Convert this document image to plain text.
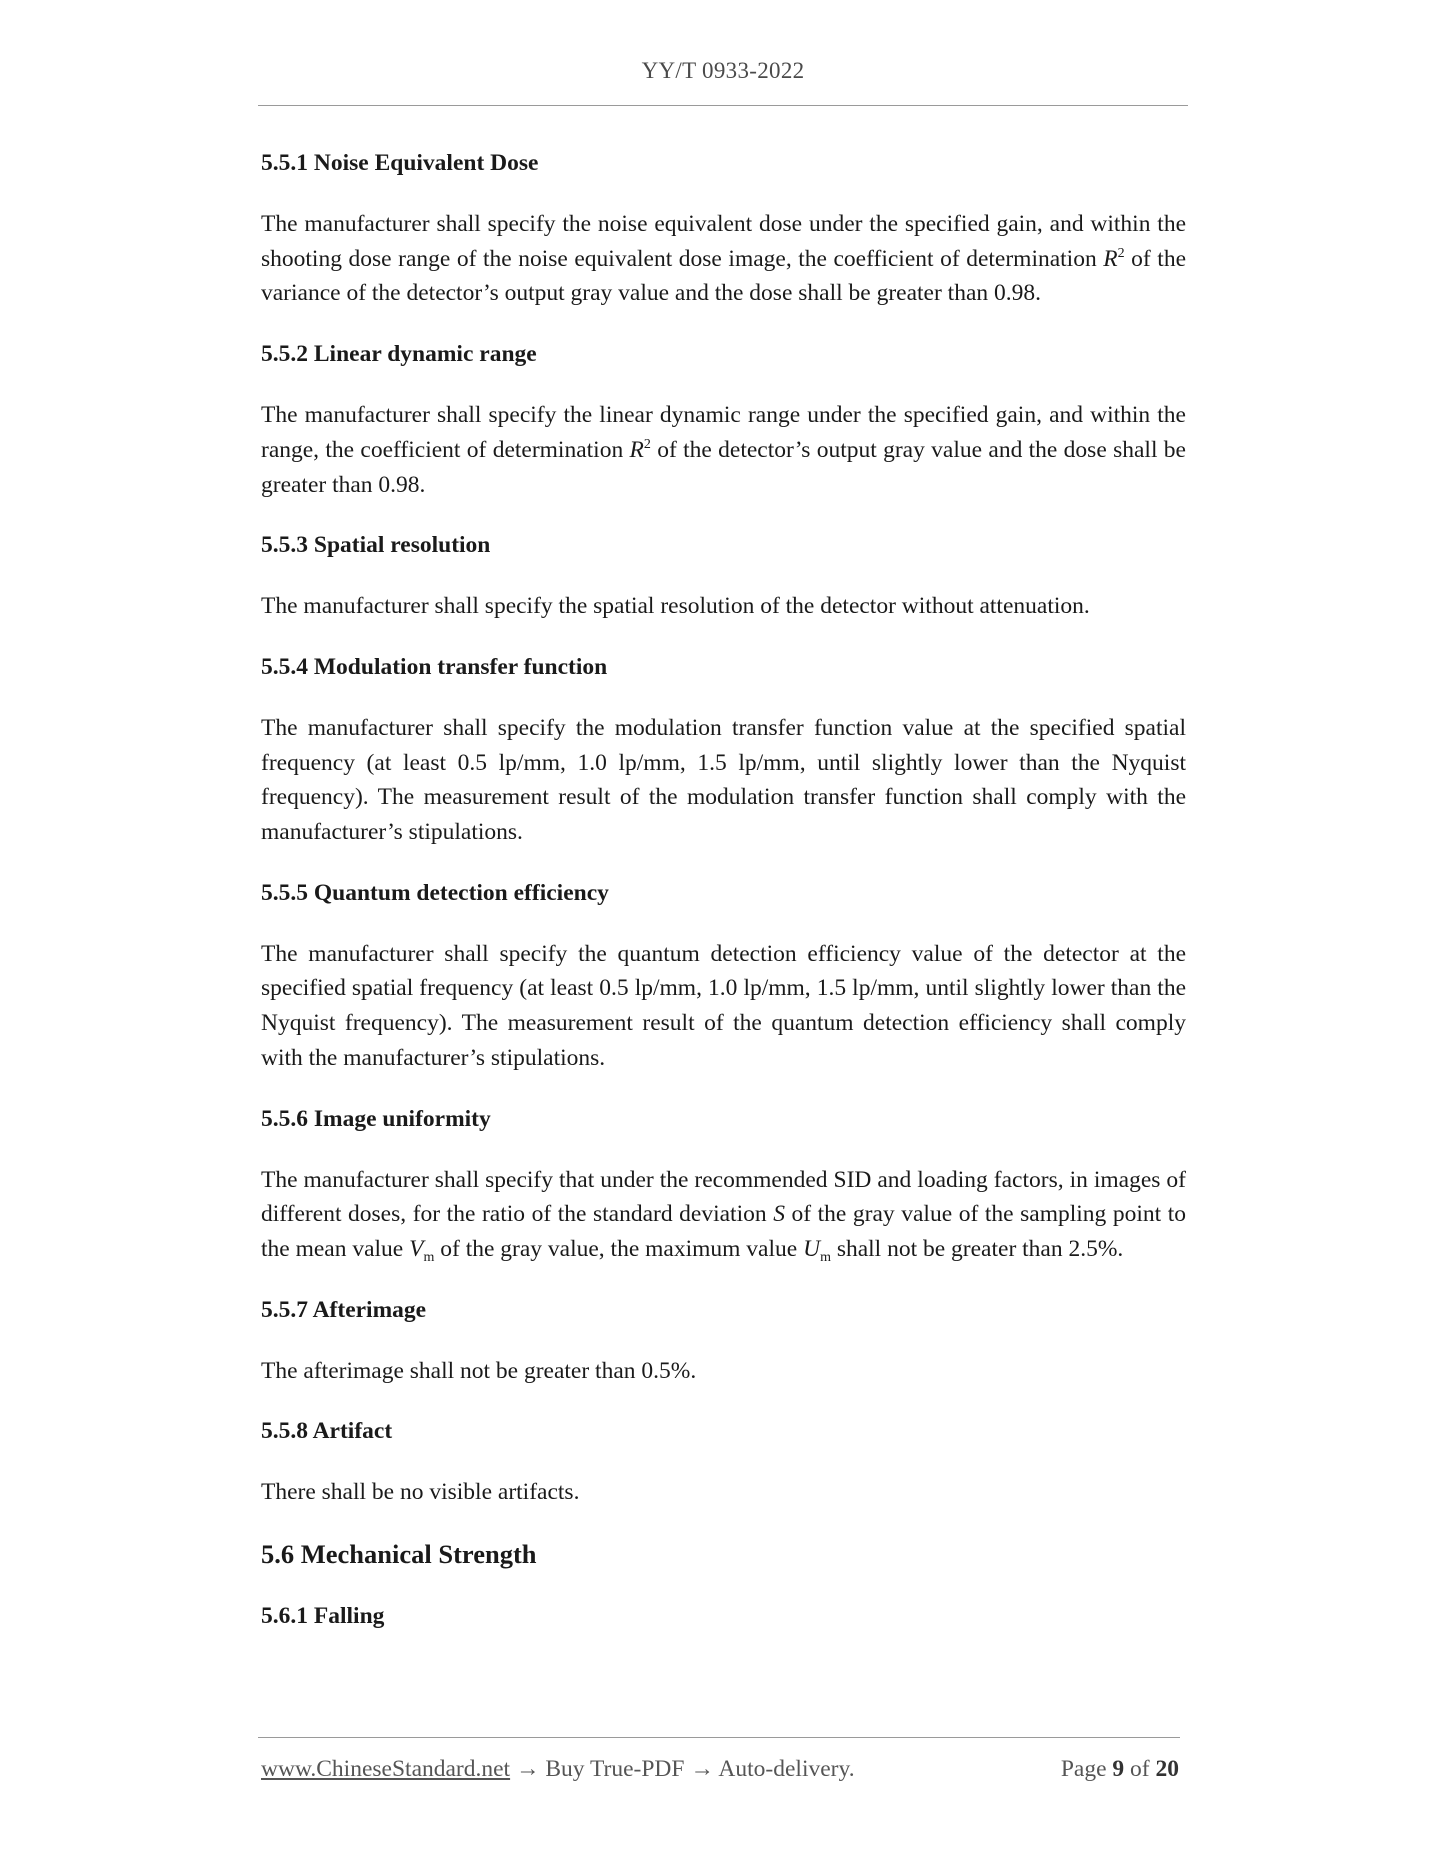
YY/T 0933-2022
5.5.1 Noise Equivalent Dose

The manufacturer shall specify the noise equivalent dose under the specified gain, and within the shooting dose range of the noise equivalent dose image, the coefficient of determination $R^2$ of the variance of the detector’s output gray value and the dose shall be greater than 0.98.

5.5.2 Linear dynamic range

The manufacturer shall specify the linear dynamic range under the specified gain, and within the range, the coefficient of determination $R^2$ of the detector’s output gray value and the dose shall be greater than 0.98.

5.5.3 Spatial resolution

The manufacturer shall specify the spatial resolution of the detector without attenuation.

5.5.4 Modulation transfer function

The manufacturer shall specify the modulation transfer function value at the specified spatial frequency (at least 0.5 lp/mm, 1.0 lp/mm, 1.5 lp/mm, until slightly lower than the Nyquist frequency). The measurement result of the modulation transfer function shall comply with the manufacturer’s stipulations.

5.5.5 Quantum detection efficiency

The manufacturer shall specify the quantum detection efficiency value of the detector at the specified spatial frequency (at least 0.5 lp/mm, 1.0 lp/mm, 1.5 lp/mm, until slightly lower than the Nyquist frequency). The measurement result of the quantum detection efficiency shall comply with the manufacturer’s stipulations.

5.5.6 Image uniformity

The manufacturer shall specify that under the recommended SID and loading factors, in images of different doses, for the ratio of the standard deviation S of the gray value of the sampling point to the mean value $V_m$ of the gray value, the maximum value $U_m$ shall not be greater than 2.5%.

5.5.7 Afterimage

The afterimage shall not be greater than 0.5%.

5.5.8 Artifact

There shall be no visible artifacts.

5.6 Mechanical Strength
5.6.1 Falling
www.ChineseStandard.net → Buy True-PDF → Auto-delivery.	Page 9 of 20
